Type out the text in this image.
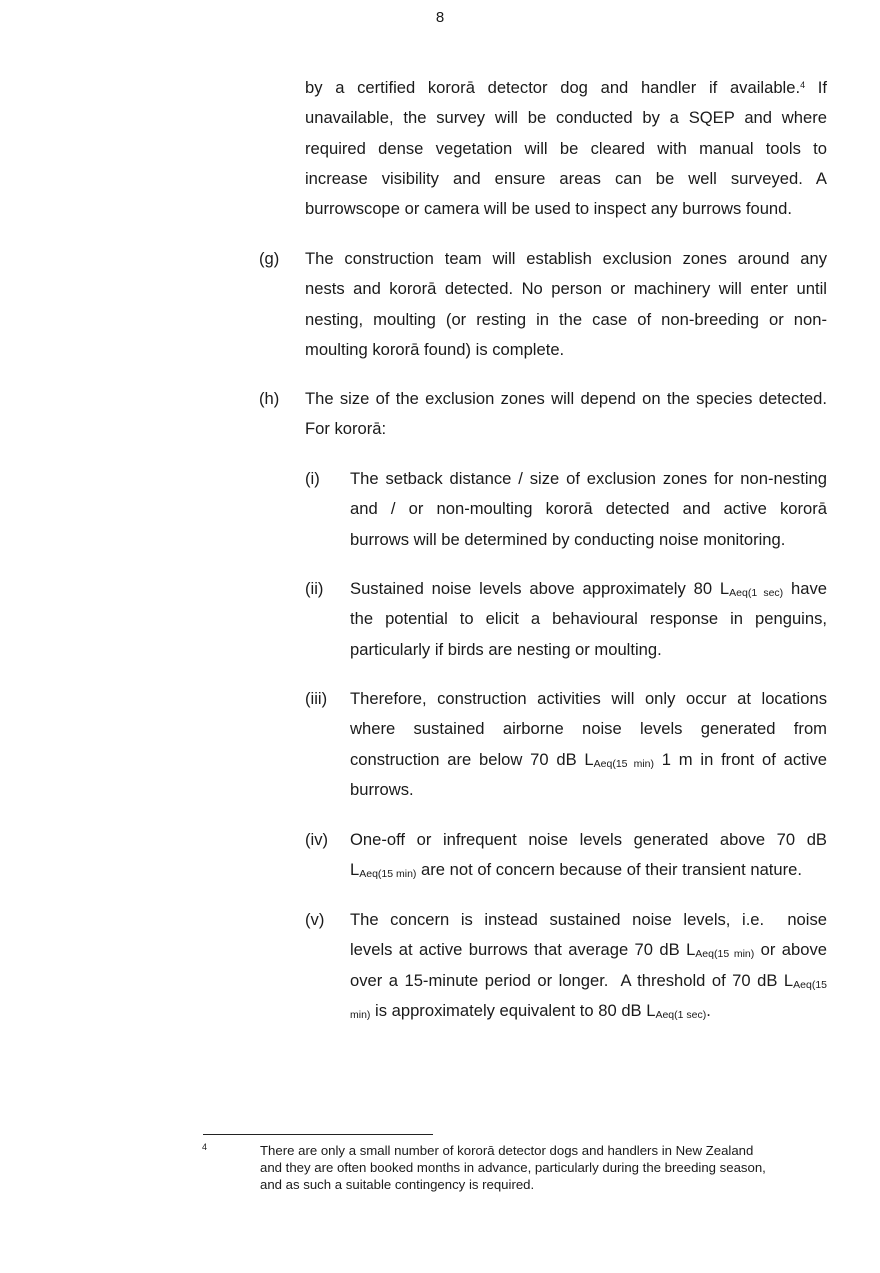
8
by a certified kororā detector dog and handler if available.$^4$ If
unavailable, the survey will be conducted by a SQEP and where
required dense vegetation will be cleared with manual tools to
increase visibility and ensure areas can be well surveyed. A
burrowscope or camera will be used to inspect any burrows found.
(g) The construction team will establish exclusion zones around any
nests and kororā detected. No person or machinery will enter until
nesting, moulting (or resting in the case of non-breeding or non-
moulting kororā found) is complete.
(h) The size of the exclusion zones will depend on the species detected.
For kororā:
(i) The setback distance / size of exclusion zones for non-nesting
and / or non-moulting kororā detected and active kororā
burrows will be determined by conducting noise monitoring.
(ii) Sustained noise levels above approximately 80 $L_{Aeq(1 sec)}$ have
the potential to elicit a behavioural response in penguins,
particularly if birds are nesting or moulting.
(iii) Therefore, construction activities will only occur at locations
where sustained airborne noise levels generated from
construction are below 70 dB $L_{Aeq(15 min)}$ 1 m in front of active
burrows.
(iv) One-off or infrequent noise levels generated above 70 dB
$L_{Aeq(15 min)}$ are not of concern because of their transient nature.
(v) The concern is instead sustained noise levels, i.e.  noise
levels at active burrows that average 70 dB $L_{Aeq(15 min)}$ or above
over a 15-minute period or longer.  A threshold of 70 dB $L_{Aeq(15}$
$_{min)}$ is approximately equivalent to 80 dB $L_{Aeq(1 sec)}$.
4	There are only a small number of kororā detector dogs and handlers in New Zealand
and they are often booked months in advance, particularly during the breeding season,
and as such a suitable contingency is required.
